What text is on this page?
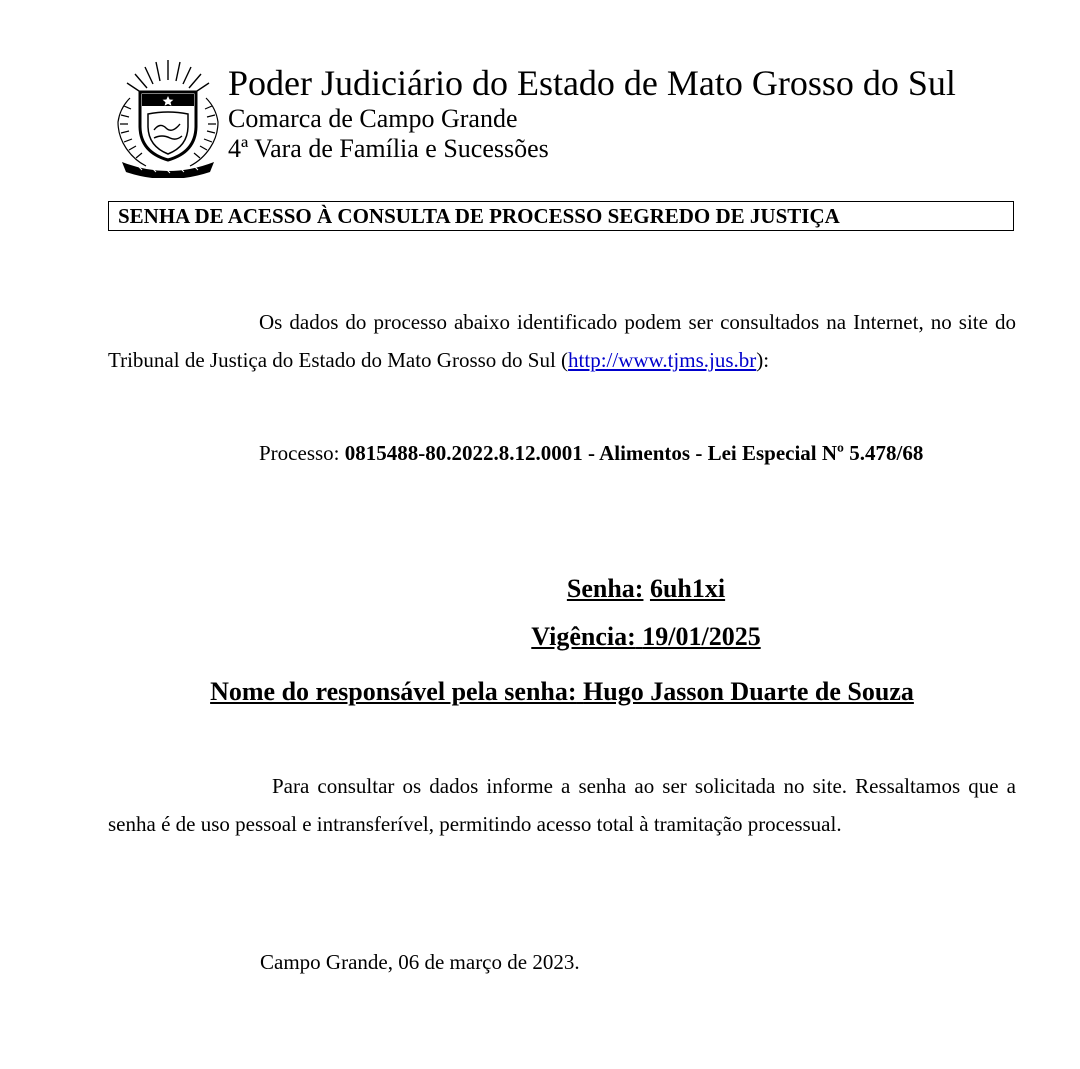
Poder Judiciário do Estado de Mato Grosso do Sul
Comarca de Campo Grande
4ª Vara de Família e Sucessões
SENHA DE ACESSO À CONSULTA DE PROCESSO SEGREDO DE JUSTIÇA
Os dados do processo abaixo identificado podem ser consultados na Internet, no site do Tribunal de Justiça do Estado do Mato Grosso do Sul (http://www.tjms.jus.br):
Processo: 0815488-80.2022.8.12.0001 - Alimentos - Lei Especial Nº 5.478/68
Senha: 6uh1xi
Vigência: 19/01/2025
Nome do responsável pela senha: Hugo Jasson Duarte de Souza
Para consultar os dados informe a senha ao ser solicitada no site. Ressaltamos que a senha é de uso pessoal e intransferível, permitindo acesso total à tramitação processual.
Campo Grande, 06 de março de 2023.
